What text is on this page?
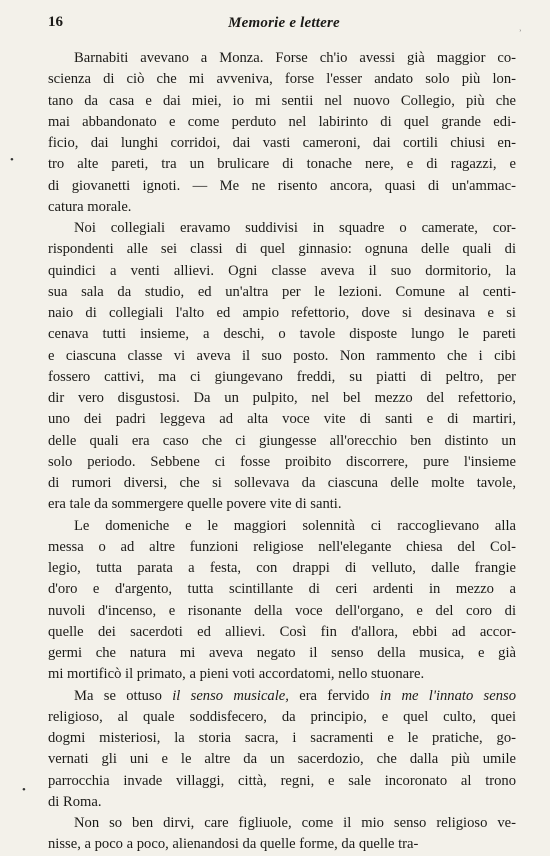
16	Memorie e lettere	˒
•
•
Barnabiti avevano a Monza. Forse ch'io avessi già maggior co-
scienza di ciò che mi avveniva, forse l'esser andato solo più lon-
tano da casa e dai miei, io mi sentii nel nuovo Collegio, più che
mai abbandonato e come perduto nel labirinto di quel grande edi-
ficio, dai lunghi corridoi, dai vasti cameroni, dai cortili chiusi en-
tro alte pareti, tra un brulicare di tonache nere, e di ragazzi, e
di giovanetti ignoti. — Me ne risento ancora, quasi di un'ammac-
catura morale.
Noi collegiali eravamo suddivisi in squadre o camerate, cor-
rispondenti alle sei classi di quel ginnasio: ognuna delle quali di
quindici a venti allievi. Ogni classe aveva il suo dormitorio, la
sua sala da studio, ed un'altra per le lezioni. Comune al centi-
naio di collegiali l'alto ed ampio refettorio, dove si desinava e si
cenava tutti insieme, a deschi, o tavole disposte lungo le pareti
e ciascuna classe vi aveva il suo posto. Non rammento che i cibi
fossero cattivi, ma ci giungevano freddi, su piatti di peltro, per
dir vero disgustosi. Da un pulpito, nel bel mezzo del refettorio,
uno dei padri leggeva ad alta voce vite di santi e di martiri,
delle quali era caso che ci giungesse all'orecchio ben distinto un
solo periodo. Sebbene ci fosse proibito discorrere, pure l'insieme
di rumori diversi, che si sollevava da ciascuna delle molte tavole,
era tale da sommergere quelle povere vite di santi.
Le domeniche e le maggiori solennità ci raccoglievano alla
messa o ad altre funzioni religiose nell'elegante chiesa del Col-
legio, tutta parata a festa, con drappi di velluto, dalle frangie
d'oro e d'argento, tutta scintillante di ceri ardenti in mezzo a
nuvoli d'incenso, e risonante della voce dell'organo, e del coro di
quelle dei sacerdoti ed allievi. Così fin d'allora, ebbi ad accor-
germi che natura mi aveva negato il senso della musica, e già
mi mortificò il primato, a pieni voti accordatomi, nello stuonare.
Ma se ottuso il senso musicale, era fervido in me l'innato senso
religioso, al quale soddisfecero, da principio, e quel culto, quei
dogmi misteriosi, la storia sacra, i sacramenti e le pratiche, go-
vernati gli uni e le altre da un sacerdozio, che dalla più umile
parrocchia invade villaggi, città, regni, e sale incoronato al trono
di Roma.
Non so ben dirvi, care figliuole, come il mio senso religioso ve-
nisse, a poco a poco, alienandosi da quelle forme, da quelle tra-
